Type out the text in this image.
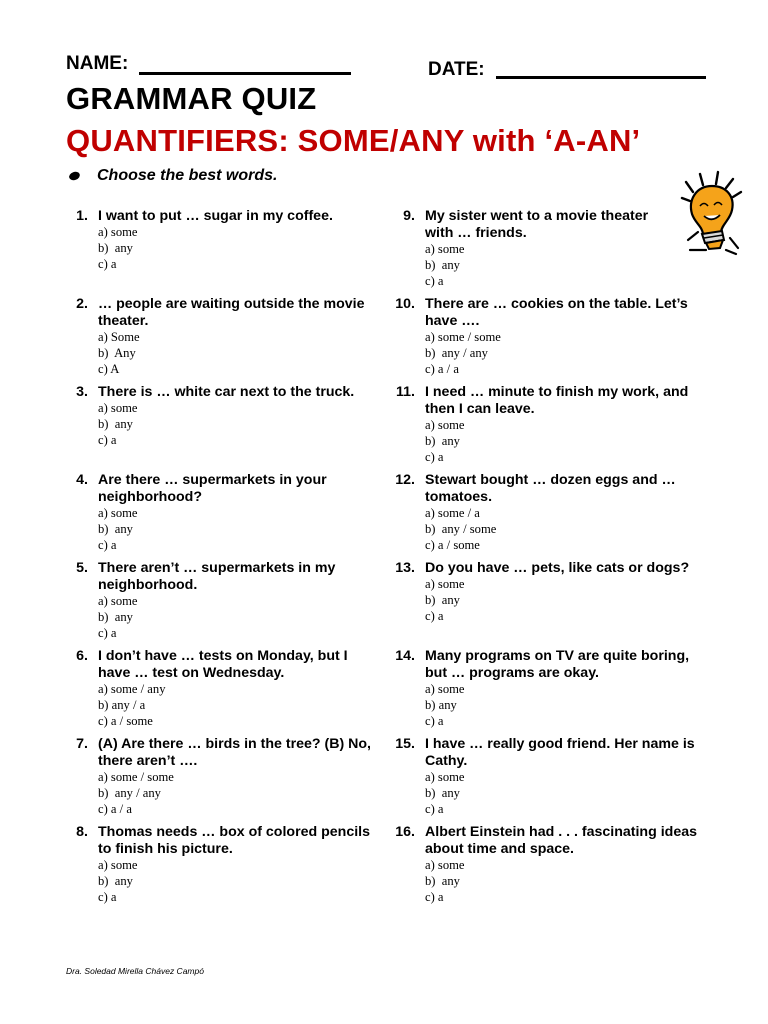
NAME:	DATE:
GRAMMAR QUIZ
QUANTIFIERS: SOME/ANY with ‘A-AN’
Choose the best words.
1. I want to put … sugar in my coffee.
a) some
b)  any
c) a
2. … people are waiting outside the movie theater.
a) Some
b)  Any
c) A
3. There is … white car next to the truck.
a) some
b)  any
c) a
4. Are there … supermarkets in your neighborhood?
a) some
b)  any
c) a
5. There aren’t … supermarkets in my neighborhood.
a) some
b)  any
c) a
6. I don’t have … tests on Monday, but I have … test on Wednesday.
a) some / any
b) any / a
c) a / some
7. (A) Are there … birds in the tree? (B) No, there aren’t ….
a) some / some
b)  any / any
c) a / a
8. Thomas needs … box of colored pencils to finish his picture.
a) some
b)  any
c) a
9. My sister went to a movie theater with … friends.
a) some
b)  any
c) a
10. There are … cookies on the table. Let’s have ….
a) some / some
b)  any / any
c) a / a
11. I need … minute to finish my work, and then I can leave.
a) some
b)  any
c) a
12. Stewart bought … dozen eggs and … tomatoes.
a) some / a
b)  any / some
c) a / some
13. Do you have … pets, like cats or dogs?
a) some
b)  any
c) a
14. Many programs on TV are quite boring, but … programs are okay.
a) some
b) any
c) a
15. I have … really good friend. Her name is Cathy.
a) some
b)  any
c) a
16. Albert Einstein had . . . fascinating ideas about time and space.
a) some
b)  any
c) a
Dra. Soledad Mirella Chávez Campó
